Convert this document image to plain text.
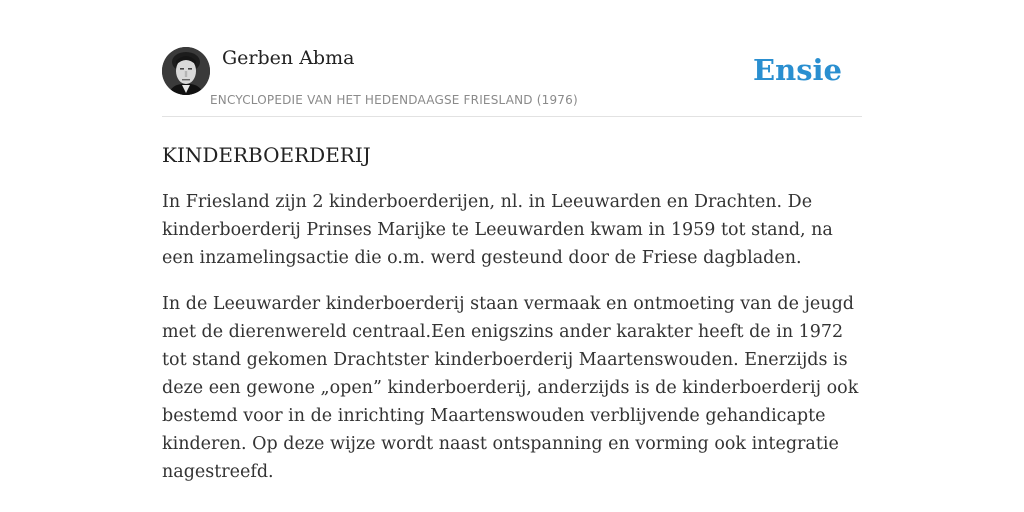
Gerben Abma
ENCYCLOPEDIE VAN HET HEDENDAAGSE FRIESLAND (1976)
Ensie
KINDERBOERDERIJ

In Friesland zijn 2 kinderboerderijen, nl. in Leeuwarden en Drachten. De kinderboerderij Prinses Marijke te Leeuwarden kwam in 1959 tot stand, na een inzamelingsactie die o.m. werd gesteund door de Friese dagbladen.

In de Leeuwarder kinderboerderij staan vermaak en ontmoeting van de jeugd met de dierenwereld centraal.Een enigszins ander karakter heeft de in 1972 tot stand gekomen Drachtster kinderboerderij Maartenswouden. Enerzijds is deze een gewone „open” kinderboerderij, anderzijds is de kinderboerderij ook bestemd voor in de inrichting Maartenswouden verblijvende gehandicapte kinderen. Op deze wijze wordt naast ontspanning en vorming ook integratie nagestreefd.
